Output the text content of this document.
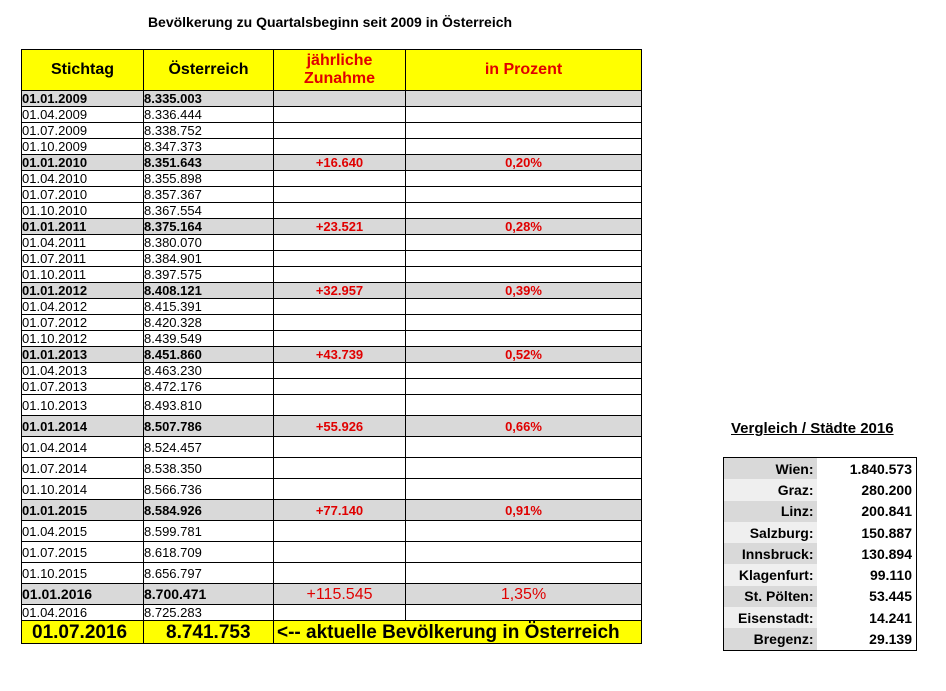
Bevölkerung zu Quartalsbeginn seit 2009 in Österreich
Stichtag	Österreich	jährliche Zunahme	in Prozent
01.01.2009	8.335.003		
01.04.2009	8.336.444		
01.07.2009	8.338.752		
01.10.2009	8.347.373		
01.01.2010	8.351.643	+16.640	0,20%
01.04.2010	8.355.898		
01.07.2010	8.357.367		
01.10.2010	8.367.554		
01.01.2011	8.375.164	+23.521	0,28%
01.04.2011	8.380.070		
01.07.2011	8.384.901		
01.10.2011	8.397.575		
01.01.2012	8.408.121	+32.957	0,39%
01.04.2012	8.415.391		
01.07.2012	8.420.328		
01.10.2012	8.439.549		
01.01.2013	8.451.860	+43.739	0,52%
01.04.2013	8.463.230		
01.07.2013	8.472.176		
01.10.2013	8.493.810		
01.01.2014	8.507.786	+55.926	0,66%
01.04.2014	8.524.457		
01.07.2014	8.538.350		
01.10.2014	8.566.736		
01.01.2015	8.584.926	+77.140	0,91%
01.04.2015	8.599.781		
01.07.2015	8.618.709		
01.10.2015	8.656.797		
01.01.2016	8.700.471	+115.545	1,35%
01.04.2016	8.725.283		
01.07.2016	8.741.753	<-- aktuelle Bevölkerung in Österreich	
Vergleich / Städte 2016
Wien:	1.840.573
Graz:	280.200
Linz:	200.841
Salzburg:	150.887
Innsbruck:	130.894
Klagenfurt:	99.110
St. Pölten:	53.445
Eisenstadt:	14.241
Bregenz:	29.139
